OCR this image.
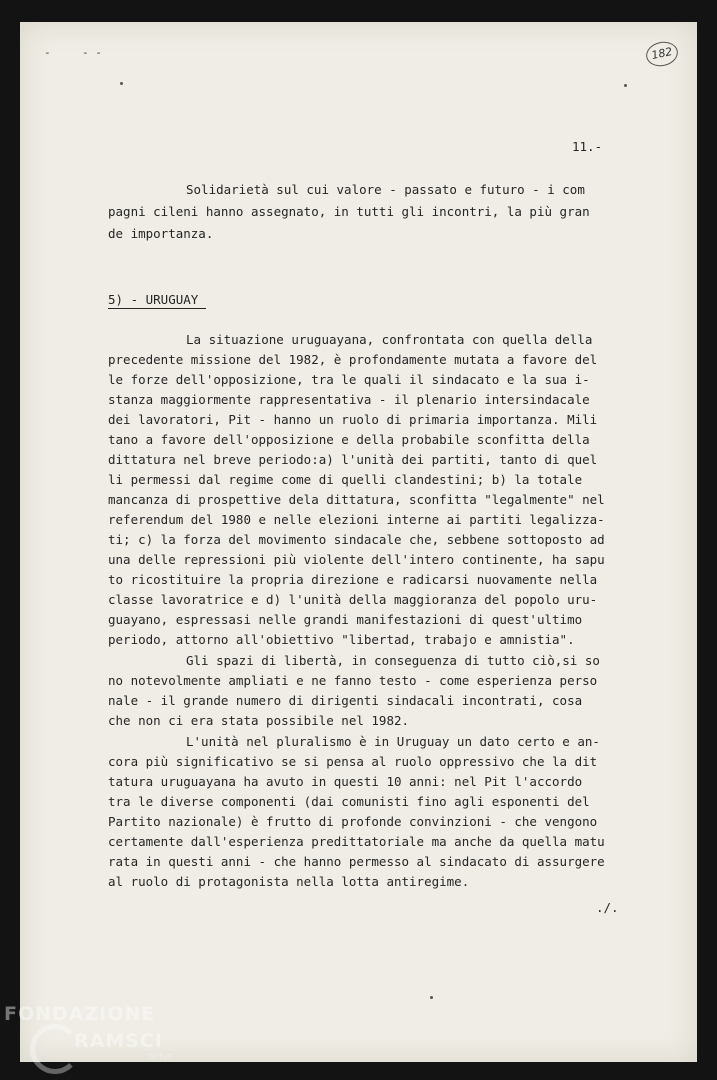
-	- -	182
11.-
Solidarietà sul cui valore - passato e futuro - i com
pagni cileni hanno assegnato, in tutti gli incontri, la più gran
de importanza.
5) - URUGUAY
La situazione uruguayana, confrontata con quella della
precedente missione del 1982, è profondamente mutata a favore del
le forze dell'opposizione, tra le quali il sindacato e la sua i-
stanza maggiormente rappresentativa - il plenario intersindacale
dei lavoratori, Pit - hanno un ruolo di primaria importanza. Mili
tano a favore dell'opposizione e della probabile sconfitta della
dittatura nel breve periodo:a) l'unità dei partiti, tanto di quel
li permessi dal regime come di quelli clandestini; b) la totale
mancanza di prospettive dela dittatura, sconfitta "legalmente" nel
referendum del 1980 e nelle elezioni interne ai partiti legalizza-
ti; c) la forza del movimento sindacale che, sebbene sottoposto ad
una delle repressioni più violente dell'intero continente, ha sapu
to ricostituire la propria direzione e radicarsi nuovamente nella
classe lavoratrice e d) l'unità della maggioranza del popolo uru-
guayano, espressasi nelle grandi manifestazioni di quest'ultimo
periodo, attorno all'obiettivo "libertad, trabajo e amnistia".
Gli spazi di libertà, in conseguenza di tutto ciò,si so
no notevolmente ampliati e ne fanno testo - come esperienza perso
nale - il grande numero di dirigenti sindacali incontrati, cosa
che non ci era stata possibile nel 1982.
L'unità nel pluralismo è in Uruguay un dato certo e an-
cora più significativo se si pensa al ruolo oppressivo che la dit
tatura uruguayana ha avuto in questi 10 anni: nel Pit l'accordo
tra le diverse componenti (dai comunisti fino agli esponenti del
Partito nazionale) è frutto di profonde convinzioni - che vengono
certamente dall'esperienza predittatoriale ma anche da quella matu
rata in questi anni - che hanno permesso al sindacato di assurgere
al ruolo di protagonista nella lotta antiregime.
./.
FONDAZIONE
RAMSCI
onlus
